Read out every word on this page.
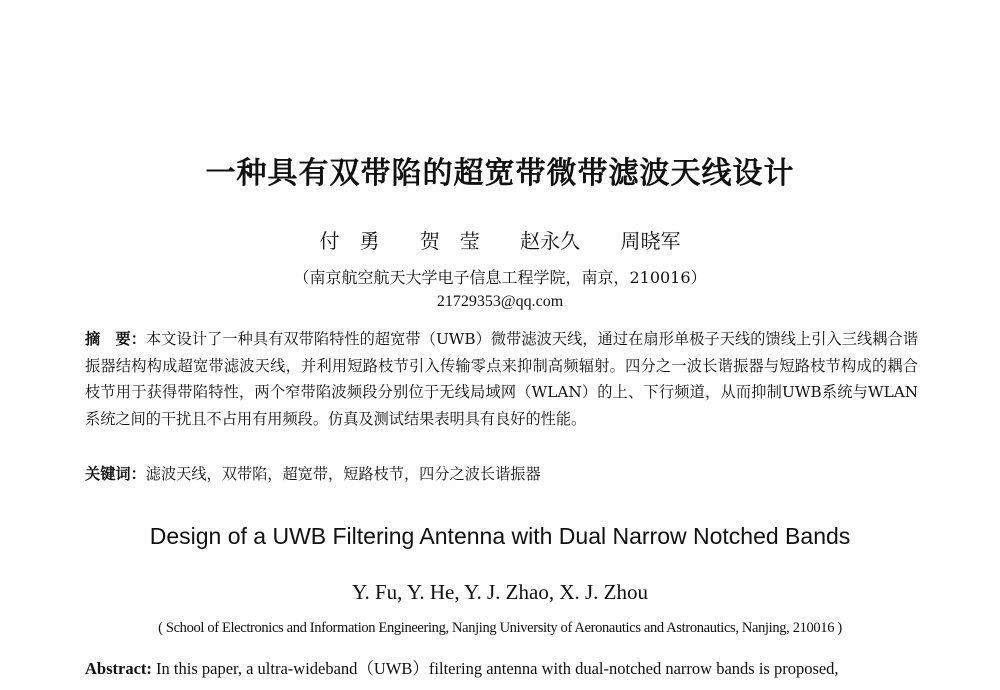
一种具有双带陷的超宽带微带滤波天线设计
付　勇 贺　莹 赵永久 周晓军
（南京航空航天大学电子信息工程学院，南京，210016）
21729353@qq.com
摘　要：本文设计了一种具有双带陷特性的超宽带（UWB）微带滤波天线，通过在扇形单极子天线的馈线上引入三线耦合谐振器结构构成超宽带滤波天线，并利用短路枝节引入传输零点来抑制高频辐射。四分之一波长谐振器与短路枝节构成的耦合枝节用于获得带陷特性，两个窄带陷波频段分别位于无线局域网（WLAN）的上、下行频道，从而抑制UWB系统与WLAN系统之间的干扰且不占用有用频段。仿真及测试结果表明具有良好的性能。
关键词：滤波天线，双带陷，超宽带，短路枝节，四分之波长谐振器
Design of a UWB Filtering Antenna with Dual Narrow Notched Bands
Y. Fu, Y. He, Y. J. Zhao, X. J. Zhou
( School of Electronics and Information Engineering, Nanjing University of Aeronautics and Astronautics, Nanjing, 210016 )
Abstract: In this paper, a ultra-wideband（UWB）filtering antenna with dual-notched narrow bands is proposed,
